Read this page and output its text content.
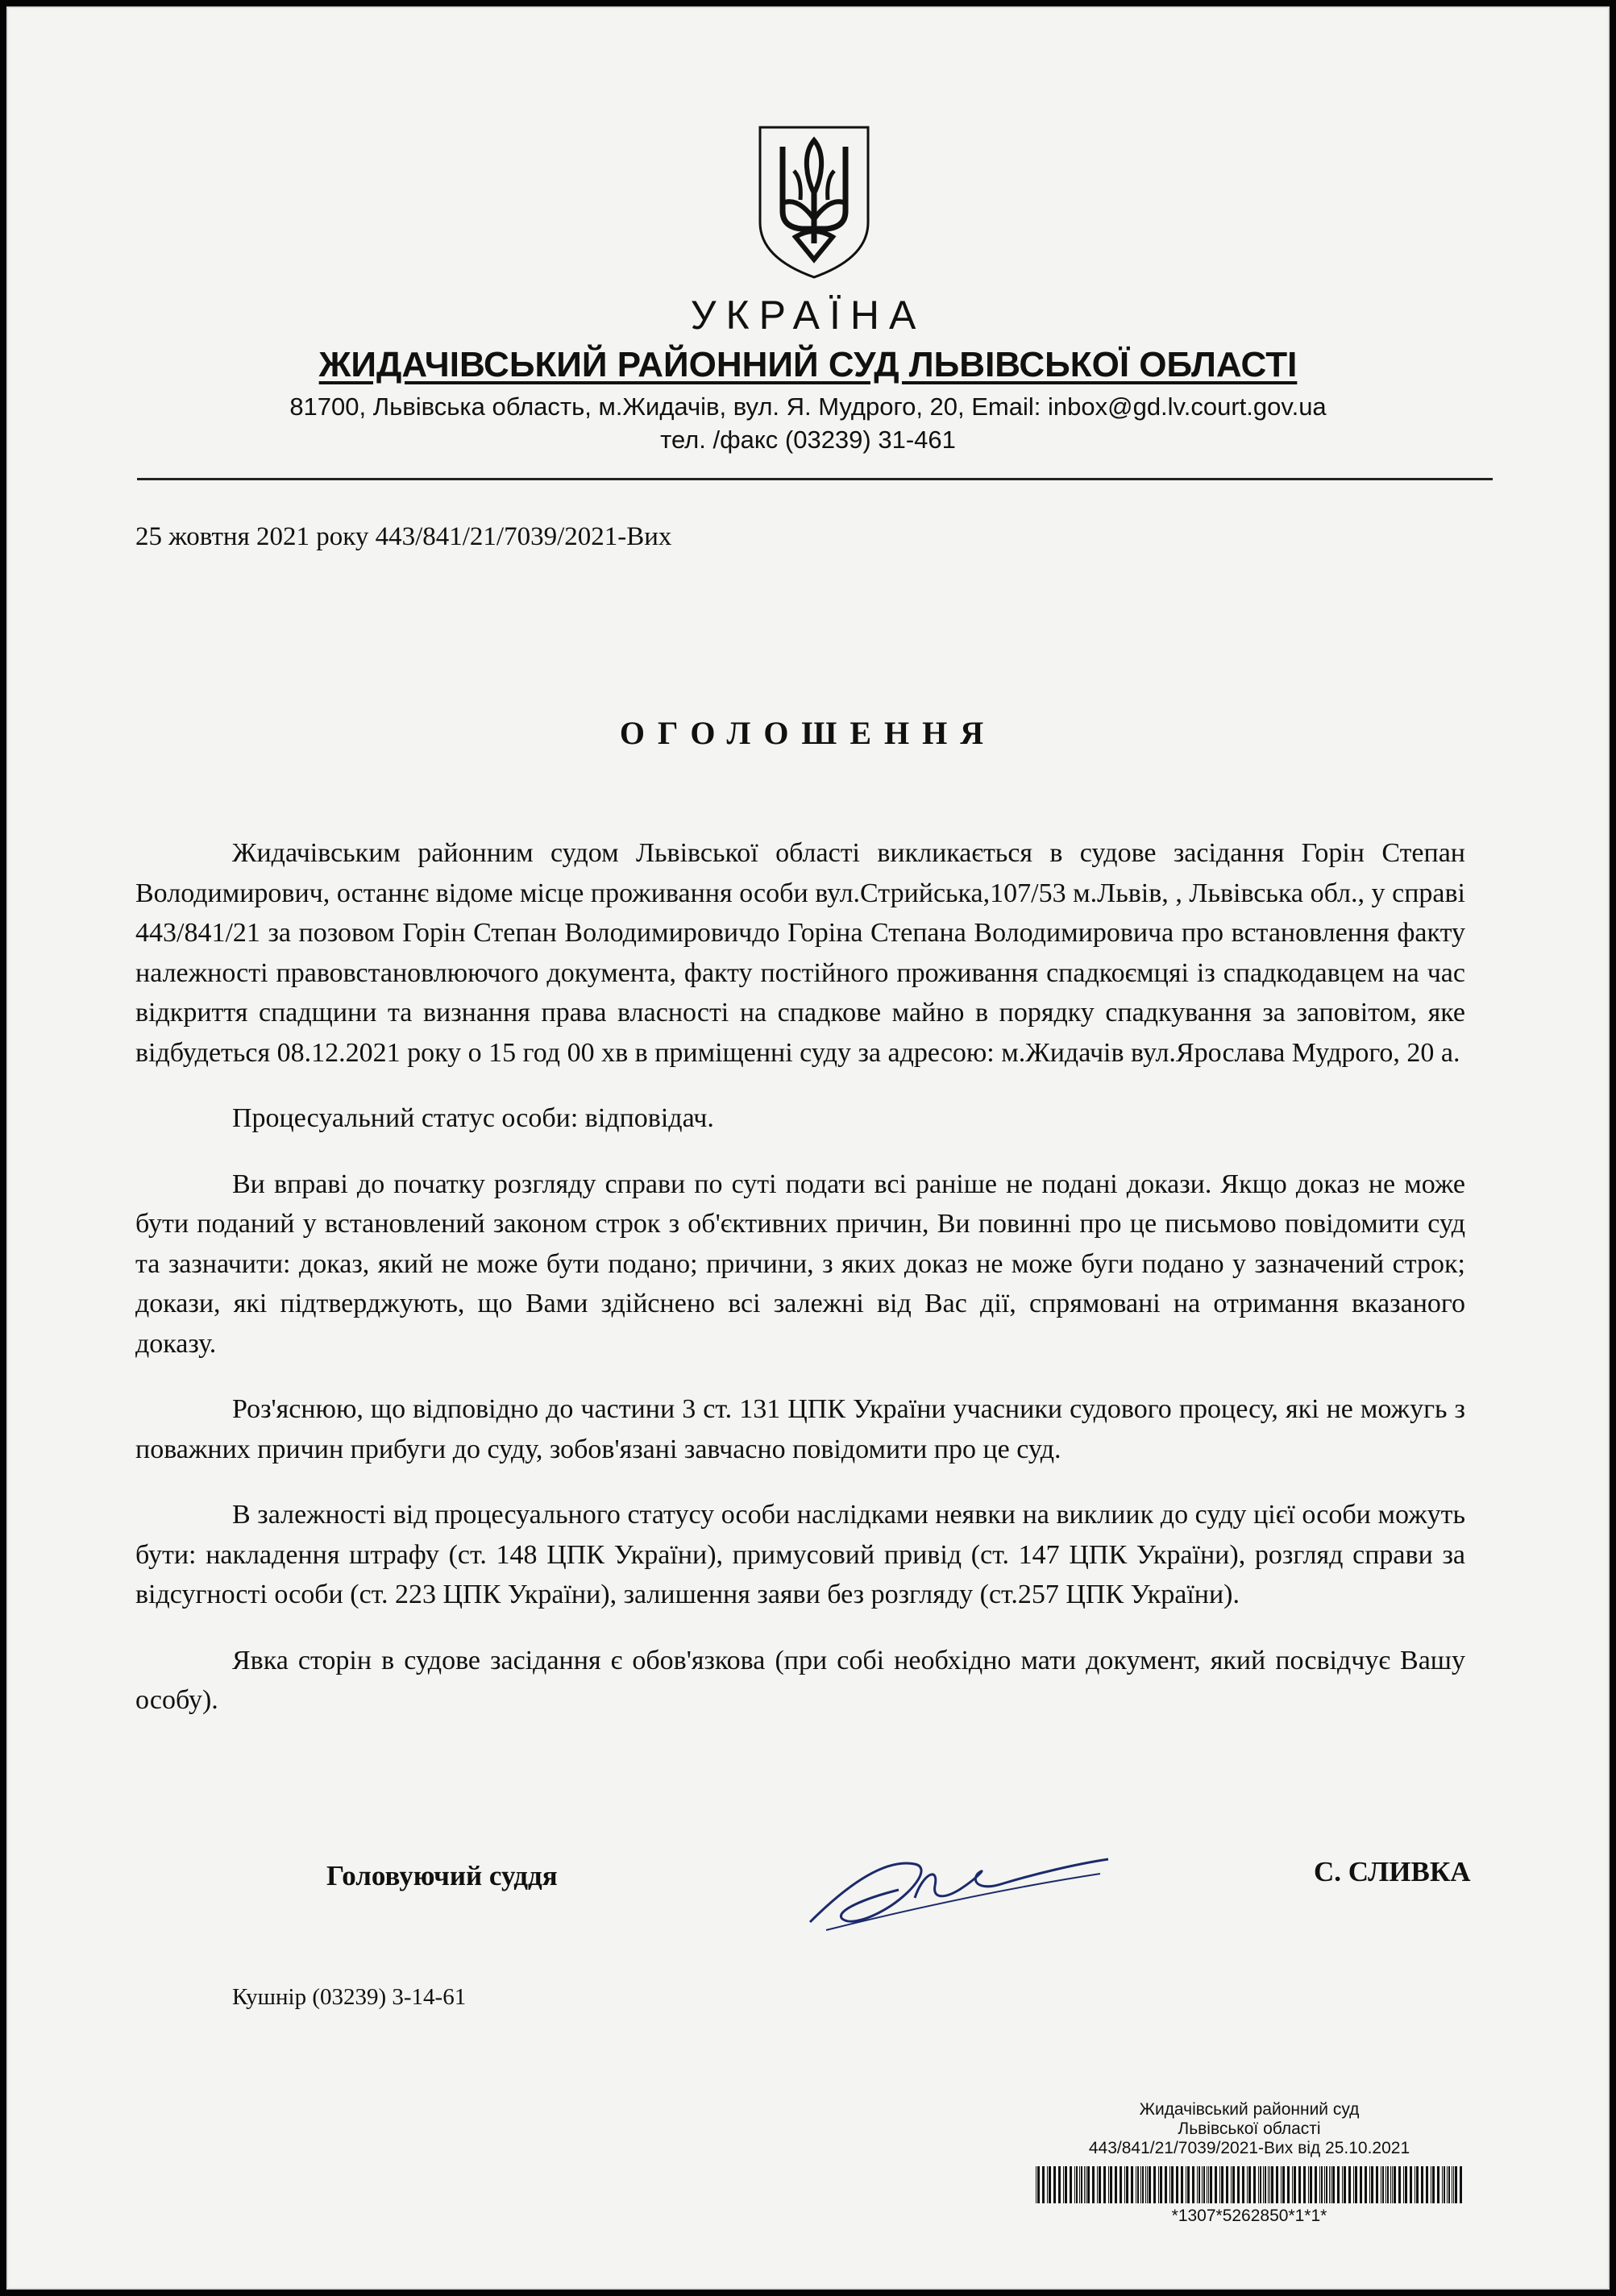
УКРАЇНА
ЖИДАЧІВСЬКИЙ РАЙОННИЙ СУД ЛЬВІВСЬКОЇ ОБЛАСТІ
81700, Львівська область, м.Жидачів, вул. Я. Мудрого, 20, Email: inbox@gd.lv.court.gov.ua
тел. /факс (03239) 31-461
25 жовтня 2021 року 443/841/21/7039/2021-Вих
ОГОЛОШЕННЯ

Жидачівським районним судом Львівської області викликається в судове засідання Горін Степан Володимирович, останнє відоме місце проживання особи вул.Стрийська,107/53 м.Львів, , Львівська обл., у справі 443/841/21 за позовом Горін Степан Володимировичдо Горіна Степана Володимировича про встановлення факту належності правовстановлюючого документа, факту постійного проживання спадкоємцяі із спадкодавцем на час відкриття спадщини та визнання права власності на спадкове майно в порядку спадкування за заповітом, яке відбудеться 08.12.2021 року о 15 год 00 хв в приміщенні суду за адресою: м.Жидачів вул.Ярослава Мудрого, 20 а.

Процесуальний статус особи: відповідач.

Ви вправі до початку розгляду справи по суті подати всі раніше не подані докази. Якщо доказ не може бути поданий у встановлений законом строк з об'єктивних причин, Ви повинні про це письмово повідомити суд та зазначити: доказ, який не може бути подано; причини, з яких доказ не може буги подано у зазначений строк; докази, які підтверджують, що Вами здійснено всі залежні від Вас дії, спрямовані на отримання вказаного доказу.

Роз'яснюю, що відповідно до частини 3 ст. 131 ЦПК України учасники судового процесу, які не можугь з поважних причин прибуги до суду, зобов'язані завчасно повідомити про це суд.

В залежності від процесуального статусу особи наслідками неявки на виклиик до суду цієї особи можуть бути: накладення штрафу (ст. 148 ЦПК України), примусовий привід (ст. 147 ЦПК України), розгляд справи за відсугності особи (ст. 223 ЦПК України), залишення заяви без розгляду (ст.257 ЦПК України).

Явка сторін в судове засідання є обов'язкова (при собі необхідно мати документ, який посвідчує Вашу особу).

Головуючий суддя	С. СЛИВКА
Кушнір (03239) 3-14-61
Жидачівський районний суд
Львівської області
443/841/21/7039/2021-Вих від 25.10.2021
*1307*5262850*1*1*
